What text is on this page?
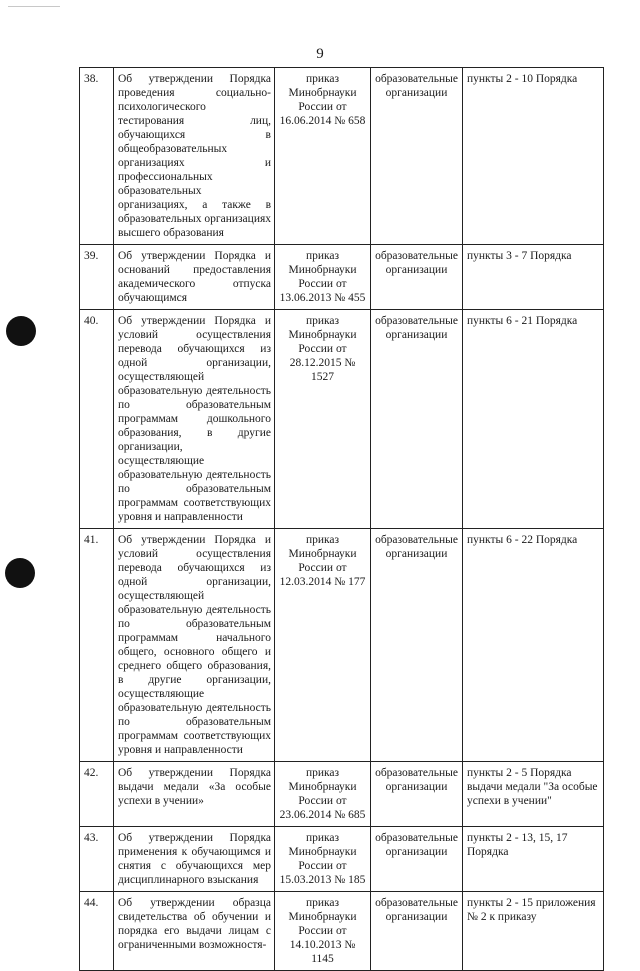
9
38.	Об утверждении Порядка проведения социально-психологического тестирования лиц, обучающихся в общеобразовательных организациях и профессиональных образовательных организациях, а также в образовательных организациях высшего образования	приказ Минобрнауки России от 16.06.2014 № 658	образовательные организации	пункты 2 - 10 Порядка
39.	Об утверждении Порядка и оснований предоставления академического отпуска обучающимся	приказ Минобрнауки России от 13.06.2013 № 455	образовательные организации	пункты 3 - 7 Порядка
40.	Об утверждении Порядка и условий осуществления перевода обучающихся из одной организации, осуществляющей образовательную деятельность по образовательным программам дошкольного образования, в другие организации, осуществляющие образовательную деятельность по образовательным программам соответствующих уровня и направленности	приказ Минобрнауки России от 28.12.2015 № 1527	образовательные организации	пункты 6 - 21 Порядка
41.	Об утверждении Порядка и условий осуществления перевода обучающихся из одной организации, осуществляющей образовательную деятельность по образовательным программам начального общего, основного общего и среднего общего образования, в другие организации, осуществляющие образовательную деятельность по образовательным программам соответствующих уровня и направленности	приказ Минобрнауки России от 12.03.2014 № 177	образовательные организации	пункты 6 - 22 Порядка
42.	Об утверждении Порядка выдачи медали «За особые успехи в учении»	приказ Минобрнауки России от 23.06.2014 № 685	образовательные организации	пункты 2 - 5 Порядка выдачи медали "За особые успехи в учении"
43.	Об утверждении Порядка применения к обучающимся и снятия с обучающихся мер дисциплинарного взыскания	приказ Минобрнауки России от 15.03.2013 № 185	образовательные организации	пункты 2 - 13, 15, 17 Порядка
44.	Об утверждении образца свидетельства об обучении и порядка его выдачи лицам с ограниченными возможностя-	приказ Минобрнауки России от 14.10.2013 № 1145	образовательные организации	пункты 2 - 15 приложения № 2 к приказу
